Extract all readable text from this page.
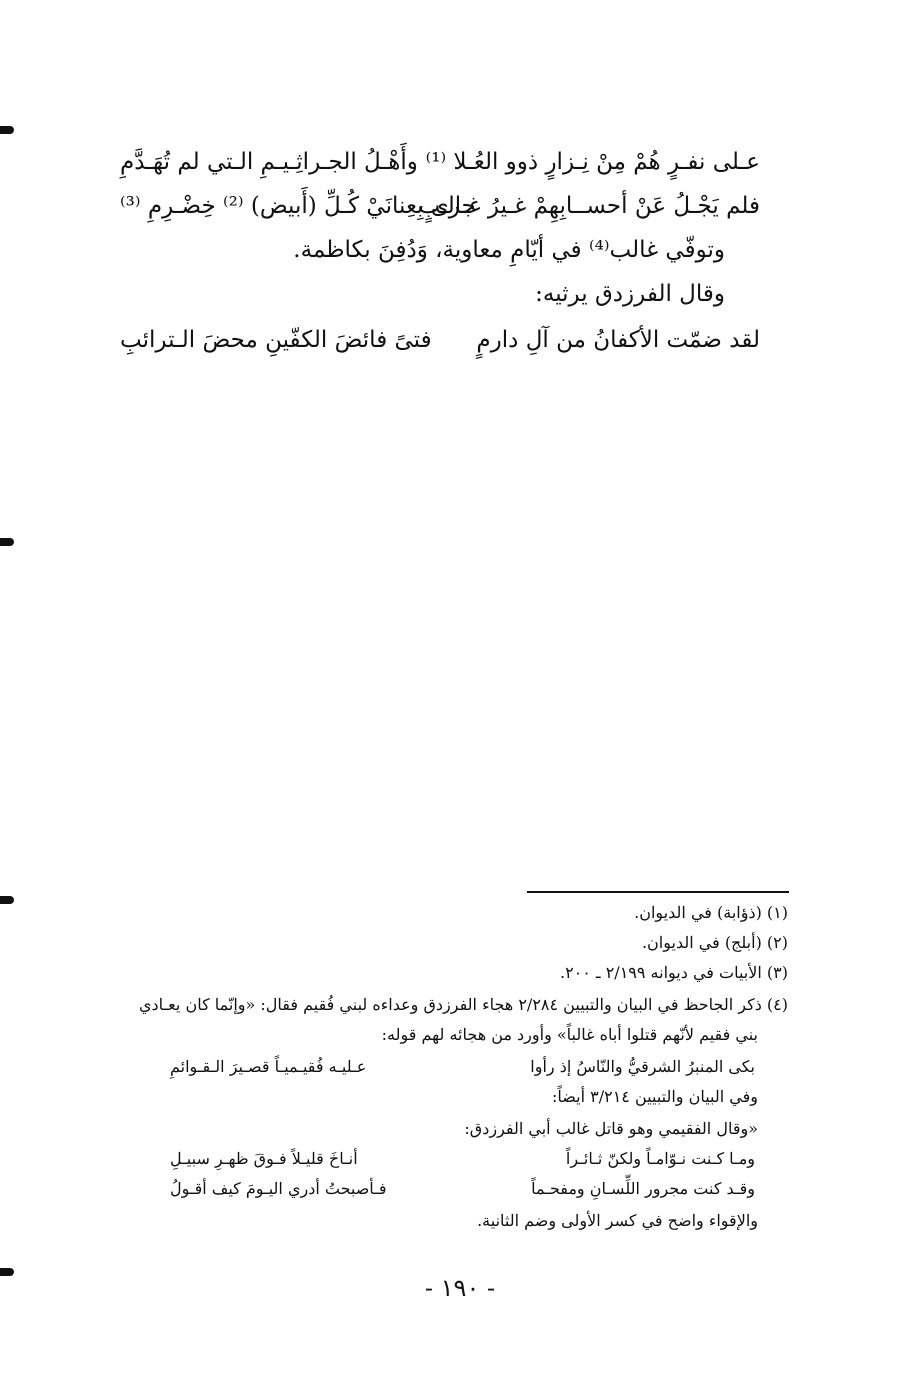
عـلى نفـرٍ هُمْ مِنْ نِـزارٍ ذوو العُـلا ⁽¹⁾
وأَهْـلُ الجـراثِـيـمِ الـتي لم تُهَـدَّمِ
فلم يَجْـلُ عَنْ أحســابِهِمْ غـيرُ غـالـبٍ
جرى بِعِنانَيْ كُـلِّ (أَبيض) ⁽²⁾ خِضْـرِمِ ⁽³⁾
وتوفّي غالب⁽⁴⁾ في أيّامِ معاوية، وَدُفِنَ بكاظمة.
وقال الفرزدق يرثيه:
لقد ضمّت الأكفانُ من آلِ دارمٍ
فتىً فائضَ الكفّينِ محضَ الـترائبِ
(١) (ذؤابة) في الديوان.
(٢) (أبلج) في الديوان.
(٣) الأبيات في ديوانه ٢/١٩٩ ـ ٢٠٠.
(٤) ذكر الجاحظ في البيان والتبيين ٢/٢٨٤ هجاء الفرزدق وعداءه لبني فُقيم فقال: «وإنّما كان يعـادي
بني فقيم لأنّهم قتلوا أباه غالباً» وأورد من هجائه لهم قوله:
بكى المنبرُ الشرقيُّ والنّاسُ إذ رأوا
عـليـه فُقيـميـاً قصـيرَ الـقـوائمِ
وفي البيان والتبيين ٣/٢١٤ أيضاً:
«وقال الفقيمي وهو قاتل غالب أبي الفرزدق:
ومـا كـنت نـوّامـاً ولكنّ ثـائـراً
أنـاخَ قليـلاً فـوقَ ظهـرِ سبيـلِ
وقـد كنت مجرور اللِّسـانِ ومفحـماً
فـأصبحتُ أدري اليـومَ كيف أقـولُ
والإقواء واضح في كسر الأولى وضم الثانية.
- ١٩٠ -
